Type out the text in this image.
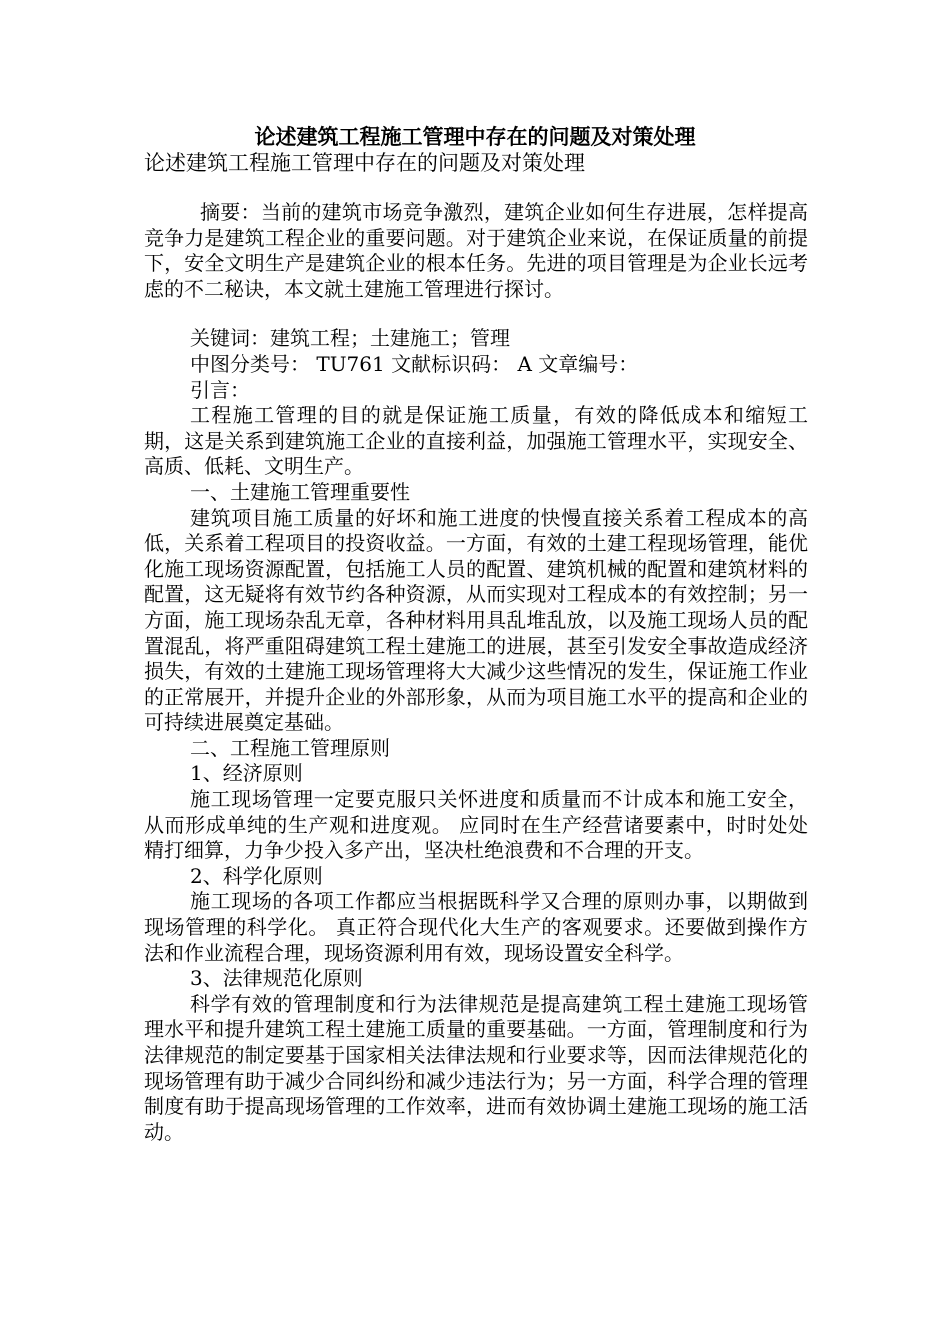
论述建筑工程施工管理中存在的问题及对策处理
论述建筑工程施工管理中存在的问题及对策处理

摘要：当前的建筑市场竞争激烈，建筑企业如何生存进展，怎样提高竞争力是建筑工程企业的重要问题。对于建筑企业来说，在保证质量的前提下，安全文明生产是建筑企业的根本任务。先进的项目管理是为企业长远考虑的不二秘诀，本文就土建施工管理进行探讨。

关键词：建筑工程；土建施工；管理

中图分类号： TU761 文献标识码： A 文章编号：

引言：

工程施工管理的目的就是保证施工质量，有效的降低成本和缩短工期，这是关系到建筑施工企业的直接利益，加强施工管理水平，实现安全、高质、低耗、文明生产。

一、土建施工管理重要性

建筑项目施工质量的好坏和施工进度的快慢直接关系着工程成本的高低，关系着工程项目的投资收益。一方面，有效的土建工程现场管理，能优化施工现场资源配置，包括施工人员的配置、建筑机械的配置和建筑材料的配置，这无疑将有效节约各种资源，从而实现对工程成本的有效控制；另一方面，施工现场杂乱无章，各种材料用具乱堆乱放，以及施工现场人员的配置混乱，将严重阻碍建筑工程土建施工的进展，甚至引发安全事故造成经济损失，有效的土建施工现场管理将大大减少这些情况的发生，保证施工作业的正常展开，并提升企业的外部形象，从而为项目施工水平的提高和企业的可持续进展奠定基础。

二、工程施工管理原则

1、经济原则

施工现场管理一定要克服只关怀进度和质量而不计成本和施工安全，从而形成单纯的生产观和进度观。 应同时在生产经营诸要素中，时时处处精打细算，力争少投入多产出，坚决杜绝浪费和不合理的开支。

2、科学化原则

施工现场的各项工作都应当根据既科学又合理的原则办事，以期做到现场管理的科学化。 真正符合现代化大生产的客观要求。还要做到操作方法和作业流程合理，现场资源利用有效，现场设置安全科学。

3、法律规范化原则

科学有效的管理制度和行为法律规范是提高建筑工程土建施工现场管理水平和提升建筑工程土建施工质量的重要基础。一方面，管理制度和行为法律规范的制定要基于国家相关法律法规和行业要求等，因而法律规范化的现场管理有助于减少合同纠纷和减少违法行为；另一方面，科学合理的管理制度有助于提高现场管理的工作效率，进而有效协调土建施工现场的施工活动。
